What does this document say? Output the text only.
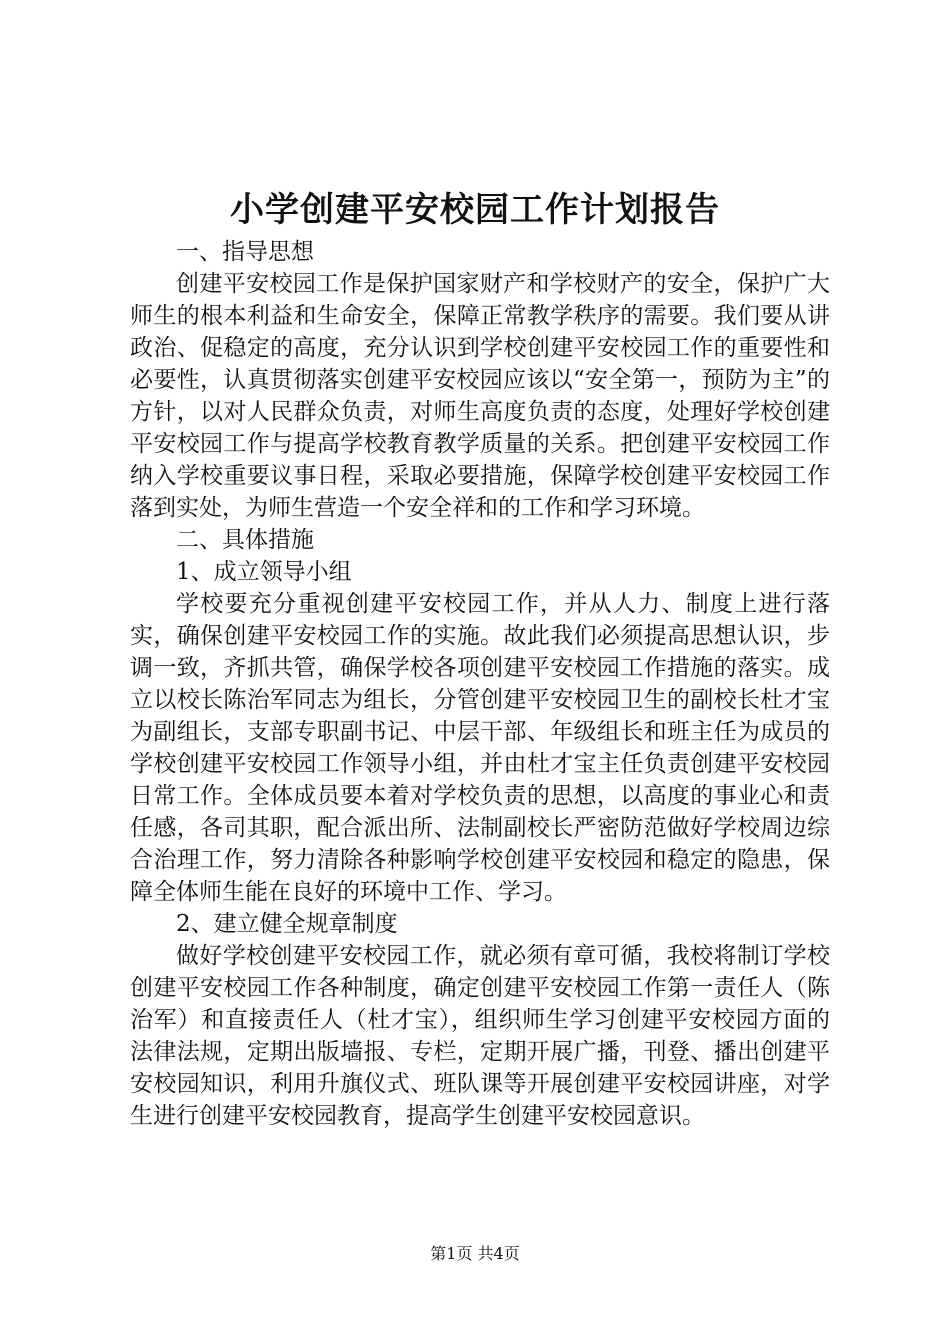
小学创建平安校园工作计划报告

一、指导思想

创建平安校园工作是保护国家财产和学校财产的安全，保护广大师生的根本利益和生命安全，保障正常教学秩序的需要。我们要从讲政治、促稳定的高度，充分认识到学校创建平安校园工作的重要性和必要性，认真贯彻落实创建平安校园应该以“安全第一，预防为主”的方针，以对人民群众负责，对师生高度负责的态度，处理好学校创建平安校园工作与提高学校教育教学质量的关系。把创建平安校园工作纳入学校重要议事日程，采取必要措施，保障学校创建平安校园工作落到实处，为师生营造一个安全祥和的工作和学习环境。

二、具体措施

1、成立领导小组

学校要充分重视创建平安校园工作，并从人力、制度上进行落实，确保创建平安校园工作的实施。故此我们必须提高思想认识，步调一致，齐抓共管，确保学校各项创建平安校园工作措施的落实。成立以校长陈治军同志为组长，分管创建平安校园卫生的副校长杜才宝为副组长，支部专职副书记、中层干部、年级组长和班主任为成员的学校创建平安校园工作领导小组，并由杜才宝主任负责创建平安校园日常工作。全体成员要本着对学校负责的思想，以高度的事业心和责任感，各司其职，配合派出所、法制副校长严密防范做好学校周边综合治理工作，努力清除各种影响学校创建平安校园和稳定的隐患，保障全体师生能在良好的环境中工作、学习。

2、建立健全规章制度

做好学校创建平安校园工作，就必须有章可循，我校将制订学校创建平安校园工作各种制度，确定创建平安校园工作第一责任人（陈治军）和直接责任人（杜才宝），组织师生学习创建平安校园方面的法律法规，定期出版墙报、专栏，定期开展广播，刊登、播出创建平安校园知识，利用升旗仪式、班队课等开展创建平安校园讲座，对学生进行创建平安校园教育，提高学生创建平安校园意识。

第1页 共4页
